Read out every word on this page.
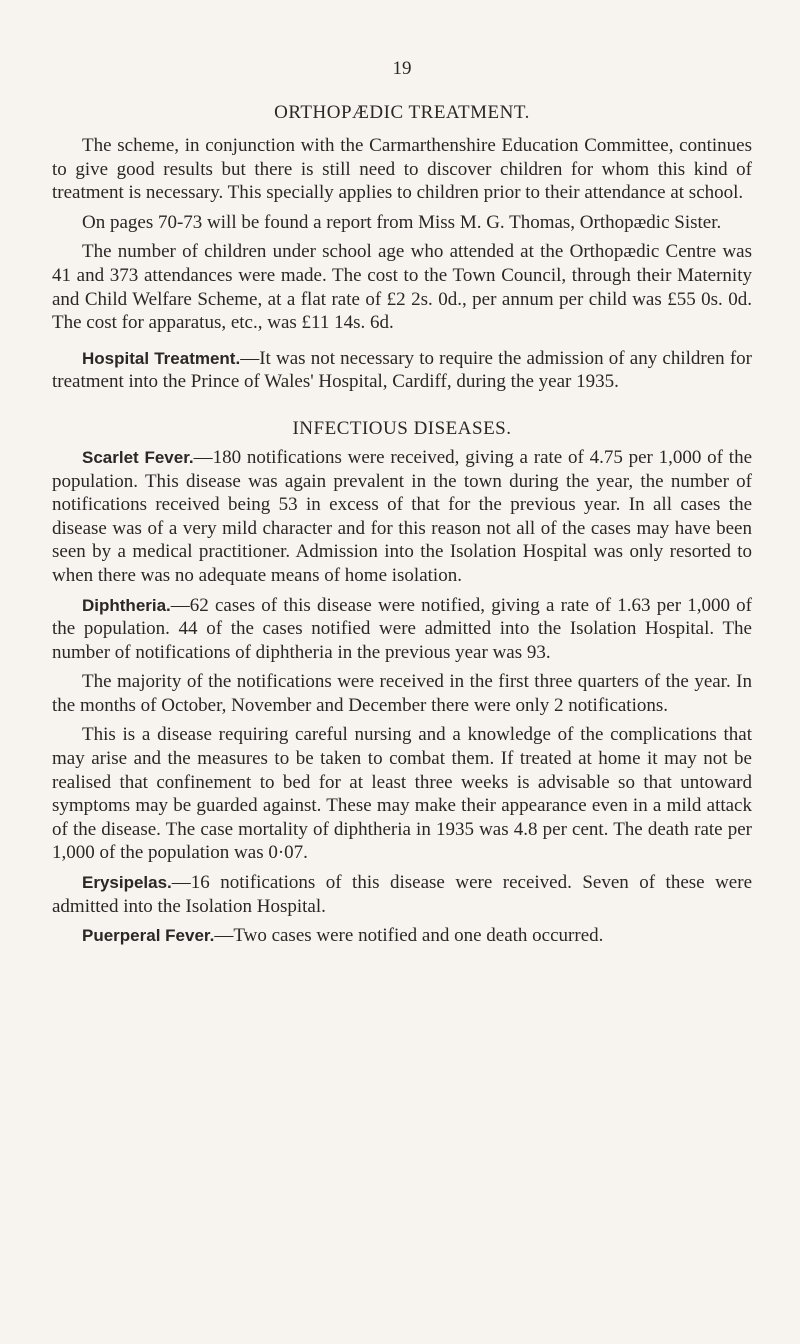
19
ORTHOPÆDIC TREATMENT.

The scheme, in conjunction with the Carmarthenshire Education Committee, continues to give good results but there is still need to discover children for whom this kind of treatment is necessary. This specially applies to children prior to their attendance at school.

On pages 70-73 will be found a report from Miss M. G. Thomas, Orthopædic Sister.

The number of children under school age who attended at the Orthopædic Centre was 41 and 373 attendances were made. The cost to the Town Council, through their Maternity and Child Welfare Scheme, at a flat rate of £2 2s. 0d., per annum per child was £55 0s. 0d. The cost for apparatus, etc., was £11 14s. 6d.

Hospital Treatment.—It was not necessary to require the admission of any children for treatment into the Prince of Wales' Hospital, Cardiff, during the year 1935.

INFECTIOUS DISEASES.

Scarlet Fever.—180 notifications were received, giving a rate of 4.75 per 1,000 of the population. This disease was again prevalent in the town during the year, the number of notifications received being 53 in excess of that for the previous year. In all cases the disease was of a very mild character and for this reason not all of the cases may have been seen by a medical practitioner. Admission into the Isolation Hospital was only resorted to when there was no adequate means of home isolation.

Diphtheria.—62 cases of this disease were notified, giving a rate of 1.63 per 1,000 of the population. 44 of the cases notified were admitted into the Isolation Hospital. The number of notifications of diphtheria in the previous year was 93.

The majority of the notifications were received in the first three quarters of the year. In the months of October, November and December there were only 2 notifications.

This is a disease requiring careful nursing and a knowledge of the complications that may arise and the measures to be taken to combat them. If treated at home it may not be realised that confinement to bed for at least three weeks is advisable so that untoward symptoms may be guarded against. These may make their appearance even in a mild attack of the disease. The case mortality of diphtheria in 1935 was 4.8 per cent. The death rate per 1,000 of the population was 0·07.

Erysipelas.—16 notifications of this disease were received. Seven of these were admitted into the Isolation Hospital.

Puerperal Fever.—Two cases were notified and one death occurred.
